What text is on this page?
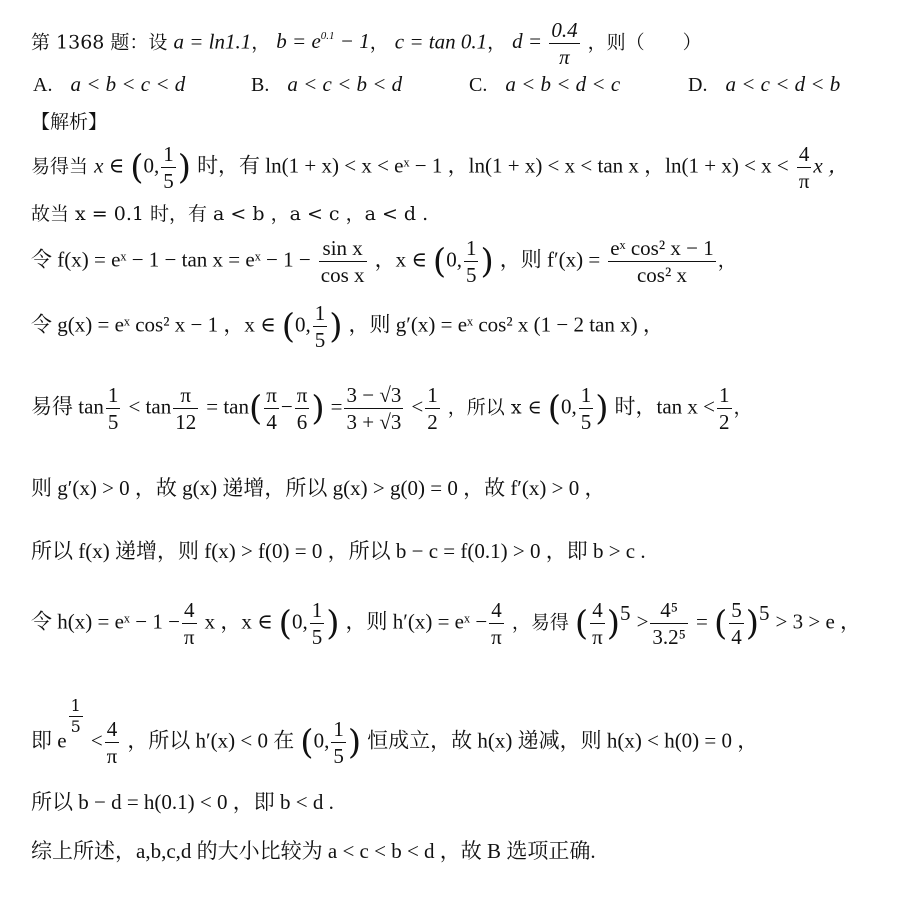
第 1368 题：设 a = ln1.1， $b = e^{0.1} - 1$， c = tan 0.1， $d = \frac{0.4}{\pi}$ ，则（　　）
A. a < b < c < d	B. a < c < b < d	C. a < b < d < c	D. a < c < d < b
【解析】
易得当 x ∈ (0, $\frac{1}{5}$ ) 时，有 ln(1 + x) < x < eˣ − 1 ，ln(1 + x) < x < tan x ，$\ln(1 + x) < x < \frac{4}{\pi}$ x ，
故当 x = 0.1 时，有 a < b ，a < c ，a < d .
令 f(x) = eˣ − 1 − tan x = eˣ − $1 - \frac{\text{sin x}}{\text{cos x}}$ ，x ∈ (0, $\frac{1}{5}$ ) ，则 $f'(x) = \frac{\text{eˣ cos² x − 1}}{\text{cos² x}}$ ，
令 g(x) = eˣ cos² x − 1 ，x ∈ (0, $\frac{1}{5}$ ) ，则 g′(x) = eˣ cos² x (1 − 2 tan x) ，
易得 $\tan \frac{1}{5} < \tan \frac{\pi}{12} = \tan( \frac{\pi}{4} - \frac{\pi}{6}$ ) = $\frac{3 - √3}{3 + √3} < \frac{1}{2}$ ，所以 x ∈ (0, $\frac{1}{5}$ ) 时，$\tan x < \frac{1}{2}$ ，
则 g′(x) > 0 ，故 g(x) 递增，所以 g(x) > g(0) = 0 ，故 f′(x) > 0 ，
所以 f(x) 递增，则 f(x) > f(0) = 0 ，所以 b − c = f(0.1) > 0 ，即 b > c .
令 h(x) = eˣ − $1 - \frac{4}{\pi}$ x ，x ∈ (0, $\frac{1}{5}$ ) ，则 h′(x) = eˣ − $\frac{4}{\pi}$ ，易得 ( $\frac{4}{\pi} )^5 > \frac{\text{4⁵}}{\text{3.2⁵}}$ = ( $\frac{5}{4} )^5 > 3 > e$ ，
即 e
$^{\frac{1}{5}}$
< $\frac{4}{\pi}$ ，所以 h′(x) < 0 在 (0, $\frac{1}{5}$ ) 恒成立，故 h(x) 递减，则 h(x) < h(0) = 0 ，
所以 b − d = h(0.1) < 0 ，即 b < d .
综上所述，a,b,c,d 的大小比较为 a < c < b < d ，故 B 选项正确.
